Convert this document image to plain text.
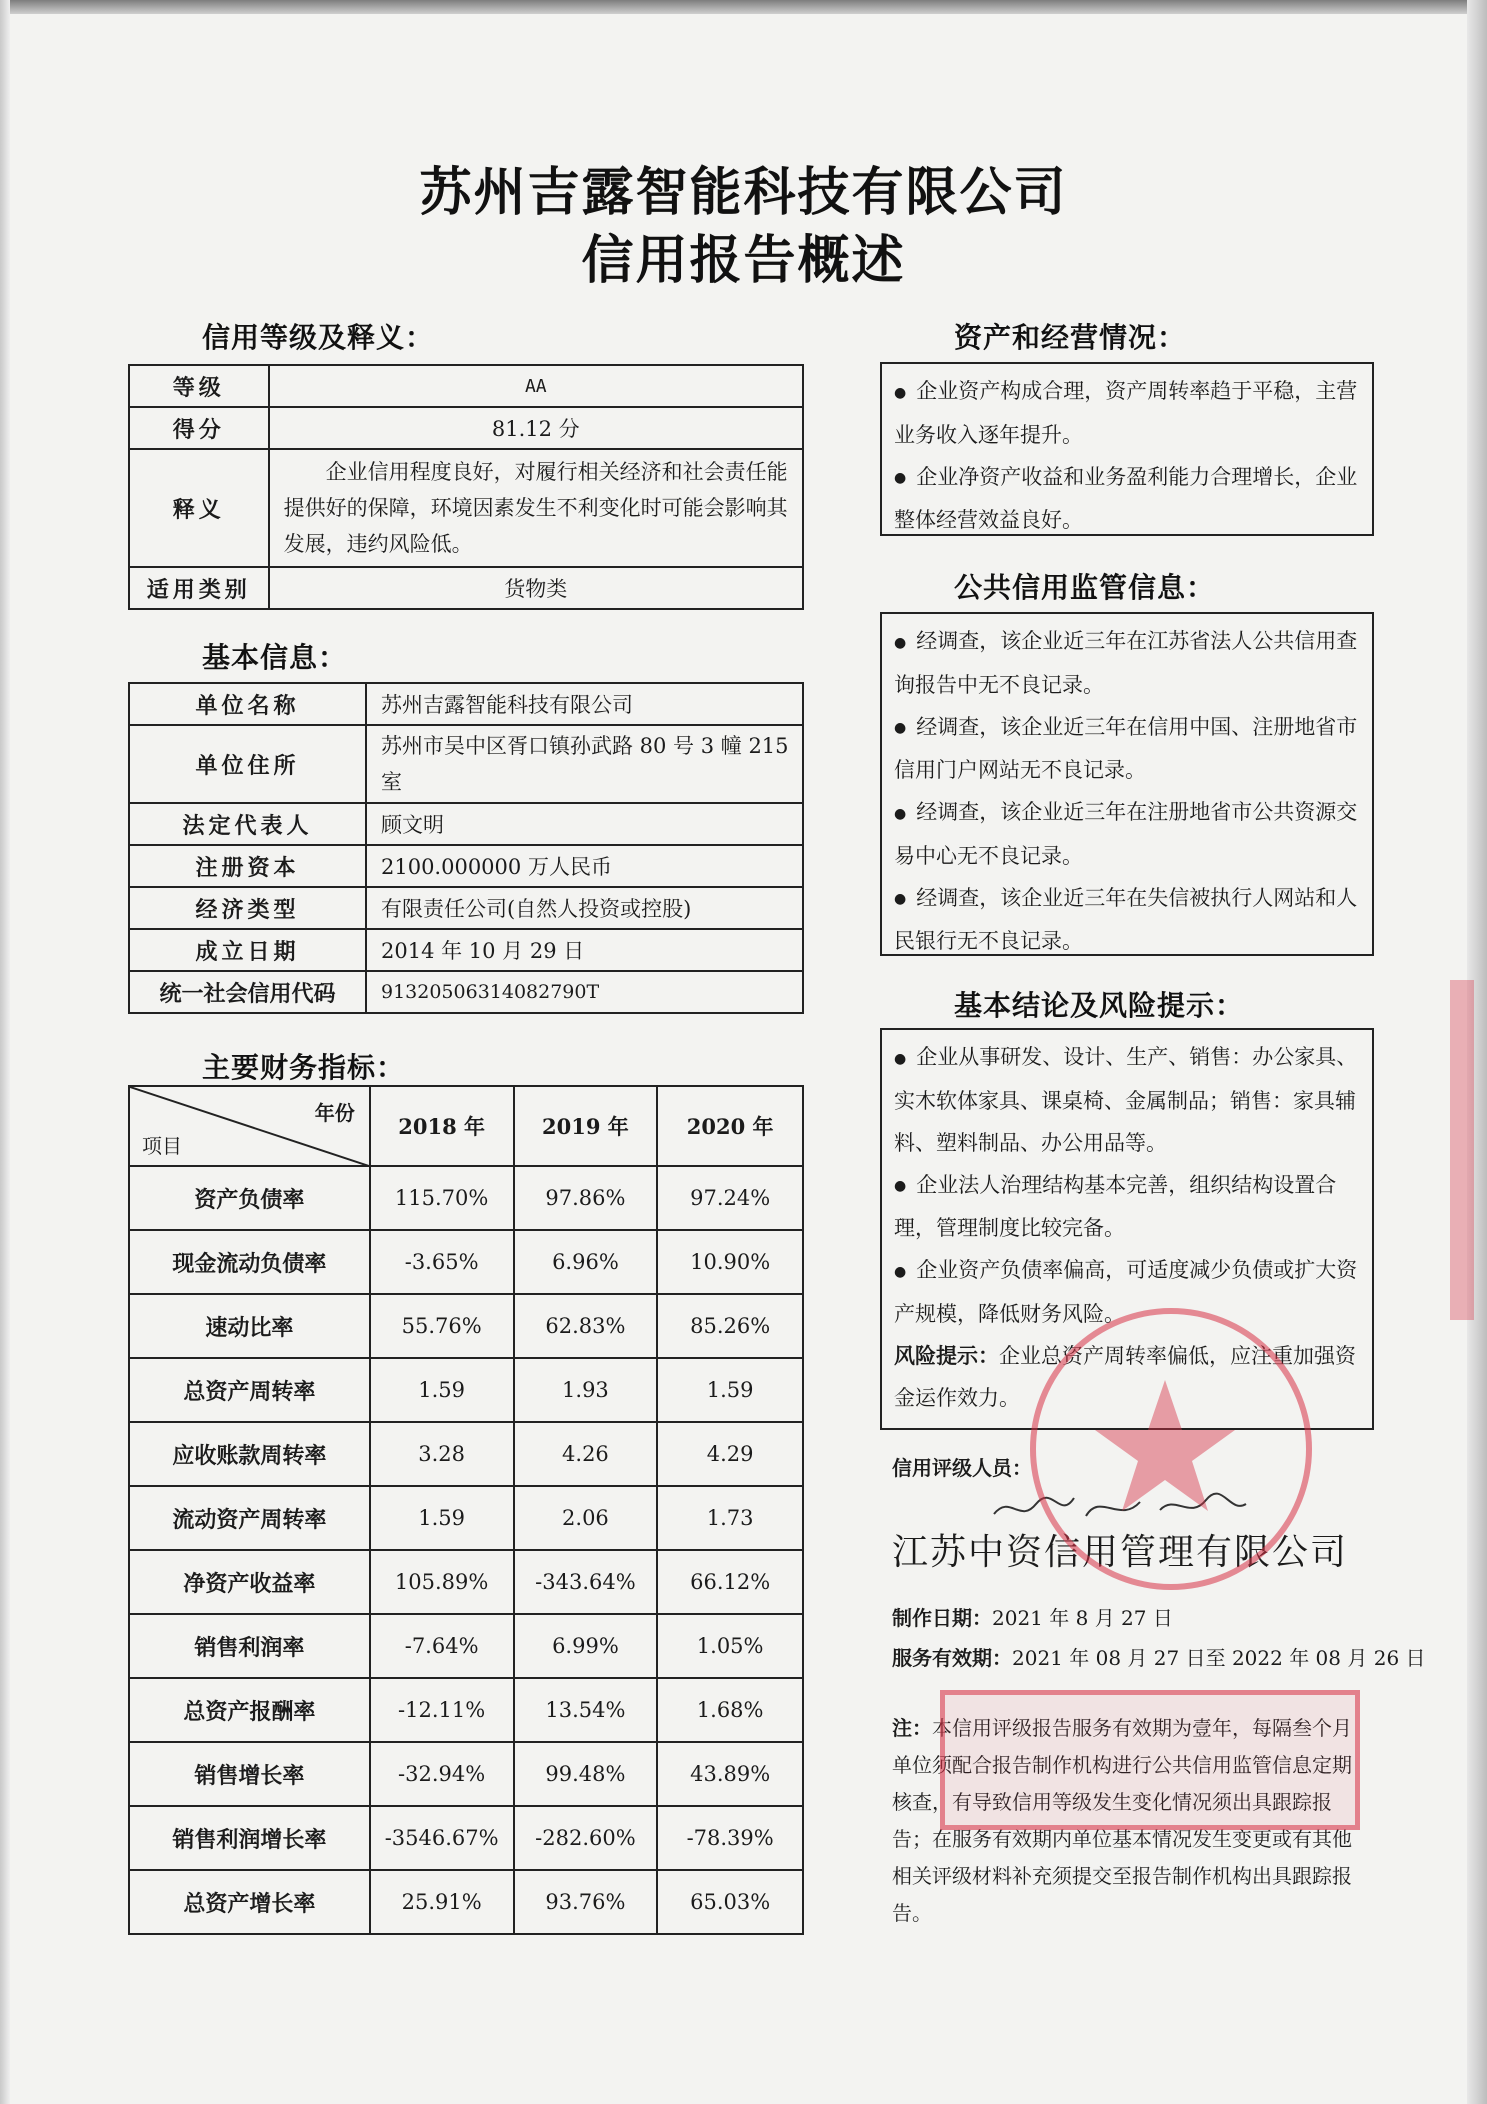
苏州吉露智能科技有限公司
信用报告概述
信用等级及释义：
等级	AA
得分	81.12 分
释义	企业信用程度良好，对履行相关经济和社会责任能提供好的保障，环境因素发生不利变化时可能会影响其发展，违约风险低。
适用类别	货物类
基本信息：
单位名称	苏州吉露智能科技有限公司
单位住所	苏州市吴中区胥口镇孙武路 80 号 3 幢 215 室
法定代表人	顾文明
注册资本	2100.000000 万人民币
经济类型	有限责任公司(自然人投资或控股)
成立日期	2014 年 10 月 29 日
统一社会信用代码	91320506314082790T
主要财务指标：
年份
项目	2018 年	2019 年	2020 年
资产负债率	115.70%	97.86%	97.24%
现金流动负债率	-3.65%	6.96%	10.90%
速动比率	55.76%	62.83%	85.26%
总资产周转率	1.59	1.93	1.59
应收账款周转率	3.28	4.26	4.29
流动资产周转率	1.59	2.06	1.73
净资产收益率	105.89%	-343.64%	66.12%
销售利润率	-7.64%	6.99%	1.05%
总资产报酬率	-12.11%	13.54%	1.68%
销售增长率	-32.94%	99.48%	43.89%
销售利润增长率	-3546.67%	-282.60%	-78.39%
总资产增长率	25.91%	93.76%	65.03%
资产和经营情况：
● 企业资产构成合理，资产周转率趋于平稳，主营业务收入逐年提升。
● 企业净资产收益和业务盈利能力合理增长，企业整体经营效益良好。
公共信用监管信息：
● 经调查，该企业近三年在江苏省法人公共信用查询报告中无不良记录。
● 经调查，该企业近三年在信用中国、注册地省市信用门户网站无不良记录。
● 经调查，该企业近三年在注册地省市公共资源交易中心无不良记录。
● 经调查，该企业近三年在失信被执行人网站和人民银行无不良记录。
基本结论及风险提示：
● 企业从事研发、设计、生产、销售：办公家具、实木软体家具、课桌椅、金属制品；销售：家具辅料、塑料制品、办公用品等。
● 企业法人治理结构基本完善，组织结构设置合理，管理制度比较完备。
● 企业资产负债率偏高，可适度减少负债或扩大资产规模，降低财务风险。
风险提示：企业总资产周转率偏低，应注重加强资金运作效力。
信用评级人员：
江苏中资信用管理有限公司
制作日期：2021 年 8 月 27 日
服务有效期：2021 年 08 月 27 日至 2022 年 08 月 26 日
注：本信用评级报告服务有效期为壹年，每隔叁个月单位须配合报告制作机构进行公共信用监管信息定期核查，有导致信用等级发生变化情况须出具跟踪报告；在服务有效期内单位基本情况发生变更或有其他相关评级材料补充须提交至报告制作机构出具跟踪报告。
